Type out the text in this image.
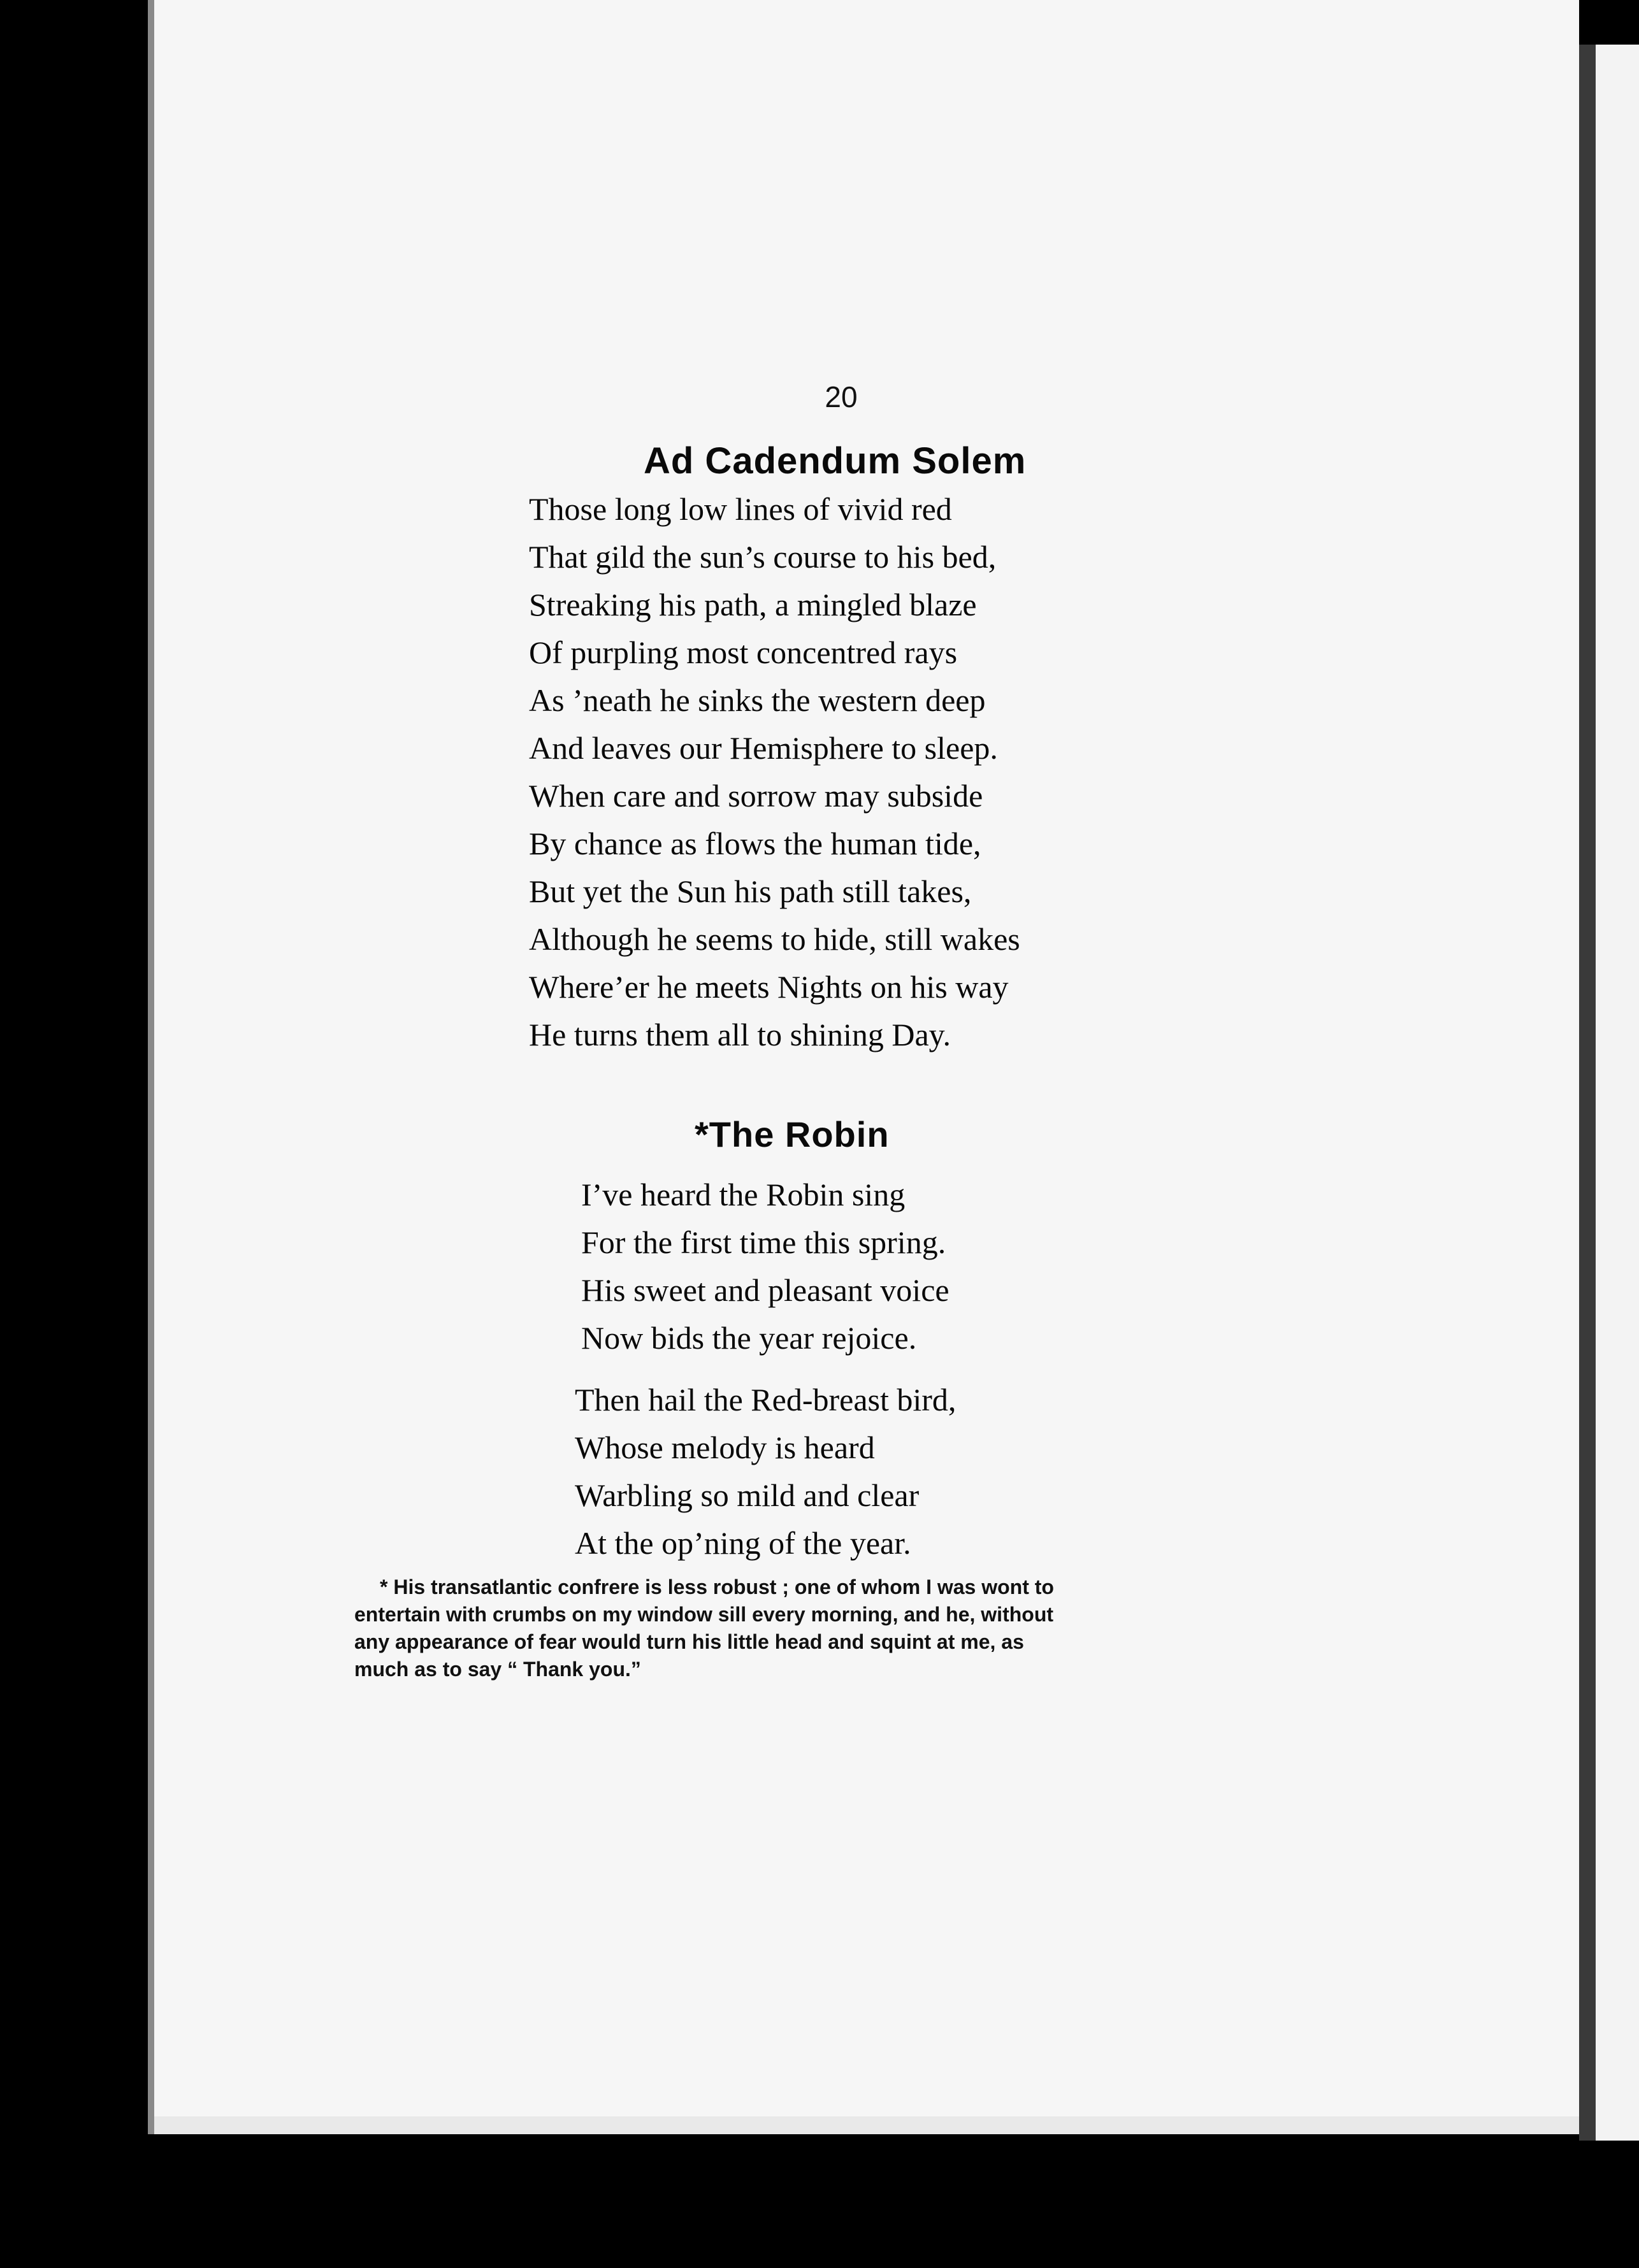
20
Ad Cadendum Solem
Those long low lines of vivid red
That gild the sun’s course to his bed,
Streaking his path, a mingled blaze
Of purpling most concentred rays
As ’neath he sinks the western deep
And leaves our Hemisphere to sleep.
When care and sorrow may subside
By chance as flows the human tide,
But yet the Sun his path still takes,
Although he seems to hide, still wakes
Where’er he meets Nights on his way
He turns them all to shining Day.
*The Robin
I’ve heard the Robin sing
For the first time this spring.
His sweet and pleasant voice
Now bids the year rejoice.
Then hail the Red-breast bird,
Whose melody is heard
Warbling so mild and clear
At the op’ning of the year.
* His transatlantic confrere is less robust ; one of whom I was wont to
entertain with crumbs on my window sill every morning, and he, without
any appearance of fear would turn his little head and squint at me, as
much as to say “ Thank you.”
